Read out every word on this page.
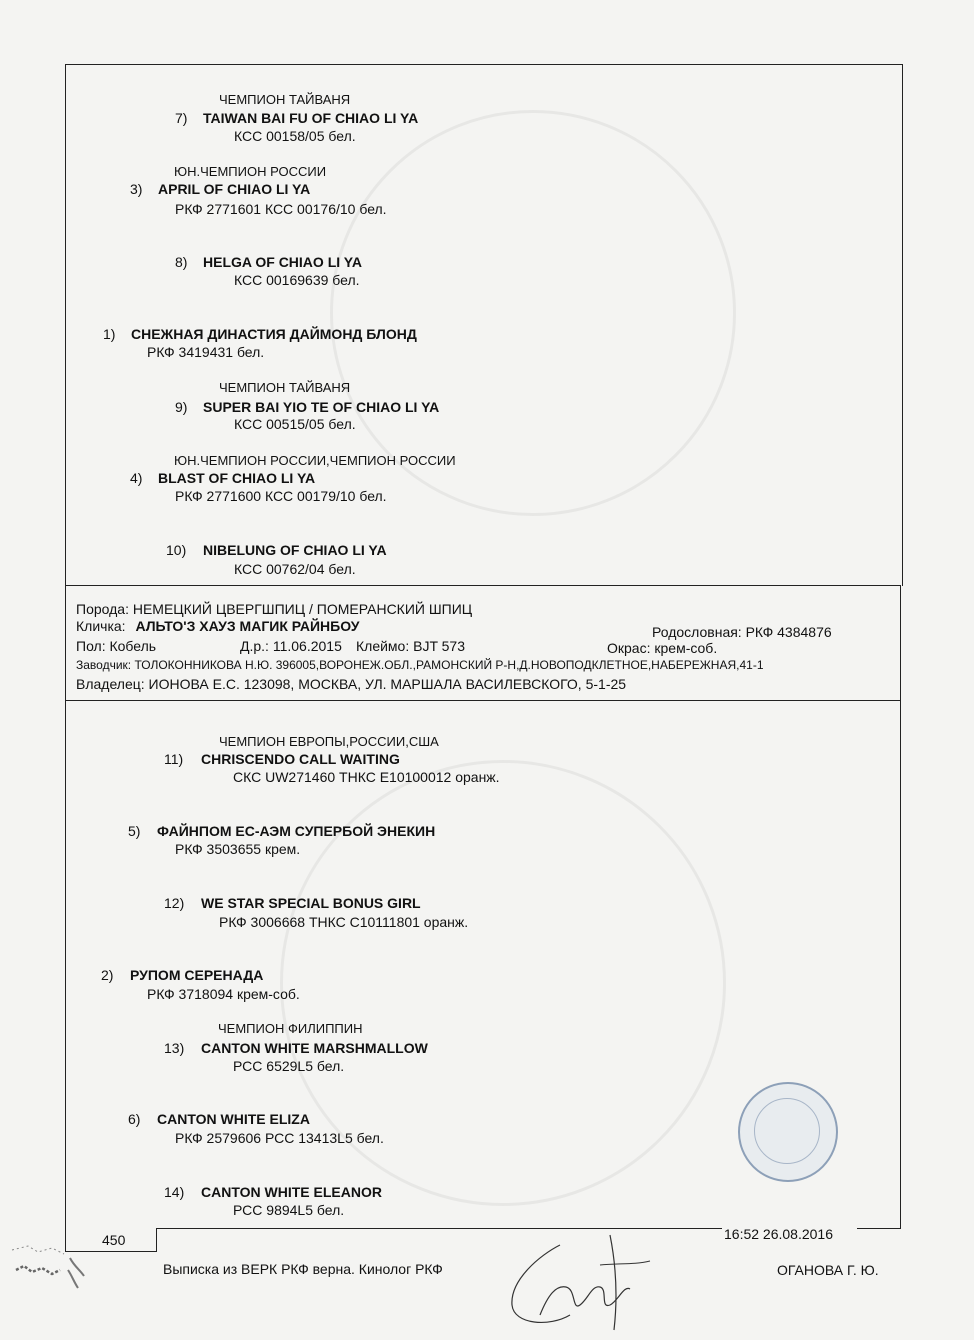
ЧЕМПИОН ТАЙВАНЯ
7) TAIWAN BAI FU OF CHIAO LI YA
КСС 00158/05 бел.
ЮН.ЧЕМПИОН РОССИИ
3) APRIL OF CHIAO LI YA
РКФ 2771601 КСС 00176/10 бел.
8) HELGA OF CHIAO LI YA
КСС 00169639 бел.
1) СНЕЖНАЯ ДИНАСТИЯ ДАЙМОНД БЛОНД
РКФ 3419431 бел.
ЧЕМПИОН ТАЙВАНЯ
9) SUPER BAI YIO TE OF CHIAO LI YA
КСС 00515/05 бел.
ЮН.ЧЕМПИОН РОССИИ,ЧЕМПИОН РОССИИ
4) BLAST OF CHIAO LI YA
РКФ 2771600 КСС 00179/10 бел.
10) NIBELUNG OF CHIAO LI YA
КСС 00762/04 бел.
Порода: НЕМЕЦКИЙ ЦВЕРГШПИЦ / ПОМЕРАНСКИЙ ШПИЦ
Кличка: АЛЬТО'З ХАУЗ МАГИК РАЙНБОУ	Родословная: РКФ 4384876
Пол: Кобель	Д.р.: 11.06.2015 Клеймо: BJT 573	Окрас: крем-соб.
Заводчик: ТОЛОКОННИКОВА Н.Ю. 396005,ВОРОНЕЖ.ОБЛ.,РАМОНСКИЙ Р-Н,Д.НОВОПОДКЛЕТНОЕ,НАБЕРЕЖНАЯ,41-1
Владелец: ИОНОВА Е.С. 123098, МОСКВА, УЛ. МАРШАЛА ВАСИЛЕВСКОГО, 5-1-25
ЧЕМПИОН ЕВРОПЫ,РОССИИ,США
11) CHRISCENDO CALL WAITING
СКС UW271460 ТНКС E10100012 оранж.
5) ФАЙНПОМ ЕС-АЭМ СУПЕРБОЙ ЭНЕКИН
РКФ 3503655 крем.
12) WE STAR SPECIAL BONUS GIRL
РКФ 3006668 ТНКС С10111801 оранж.
2) РУПОМ СЕРЕНАДА
РКФ 3718094 крем-соб.
ЧЕМПИОН ФИЛИППИН
13) CANTON WHITE MARSHMALLOW
РСС 6529L5 бел.
6) CANTON WHITE ELIZA
РКФ 2579606 РСС 13413L5 бел.
14) CANTON WHITE ELEANOR
РСС 9894L5 бел.
450	16:52 26.08.2016
Выписка из ВЕРК РКФ верна. Кинолог РКФ	ОГАНОВА Г. Ю.
